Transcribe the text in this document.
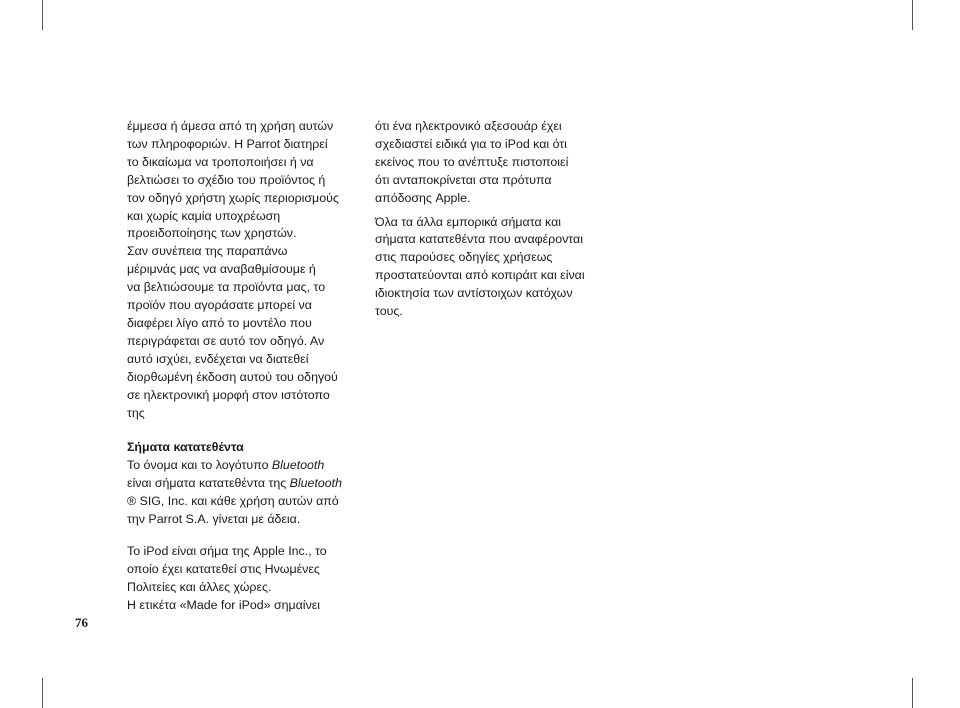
έμμεσα ή άμεσα από τη χρήση αυτών
των πληροφοριών. Η Parrot διατηρεί
το δικαίωμα να τροποποιήσει ή να
βελτιώσει το σχέδιο του προϊόντος ή
τον οδηγό χρήστη χωρίς περιορισμούς
και χωρίς καμία υποχρέωση
προειδοποίησης των χρηστών.
Σαν συνέπεια της παραπάνω
μέριμνάς μας να αναβαθμίσουμε ή
να βελτιώσουμε τα προϊόντα μας, το
προϊόν που αγοράσατε μπορεί να
διαφέρει λίγο από το μοντέλο που
περιγράφεται σε αυτό τον οδηγό. Αν
αυτό ισχύει, ενδέχεται να διατεθεί
διορθωμένη έκδοση αυτού του οδηγού
σε ηλεκτρονική μορφή στον ιστότοπο
της

Σήματα κατατεθέντα

Το όνομα και το λογότυπο Bluetooth
είναι σήματα κατατεθέντα της Bluetooth
® SIG, Inc. και κάθε χρήση αυτών από
την Parrot S.A. γίνεται με άδεια.

Το iPod είναι σήμα της Apple Inc., το
οποίο έχει κατατεθεί στις Ηνωμένες
Πολιτείες και άλλες χώρες.
Η ετικέτα «Made for iPod» σημαίνει

ότι ένα ηλεκτρονικό αξεσουάρ έχει
σχεδιαστεί ειδικά για το iPod και ότι
εκείνος που το ανέπτυξε πιστοποιεί
ότι ανταποκρίνεται στα πρότυπα
απόδοσης Apple.

Όλα τα άλλα εμπορικά σήματα και
σήματα κατατεθέντα που αναφέρονται
στις παρούσες οδηγίες χρήσεως
προστατεύονται από κοπιράιτ και είναι
ιδιοκτησία των αντίστοιχων κατόχων
τους.

76
